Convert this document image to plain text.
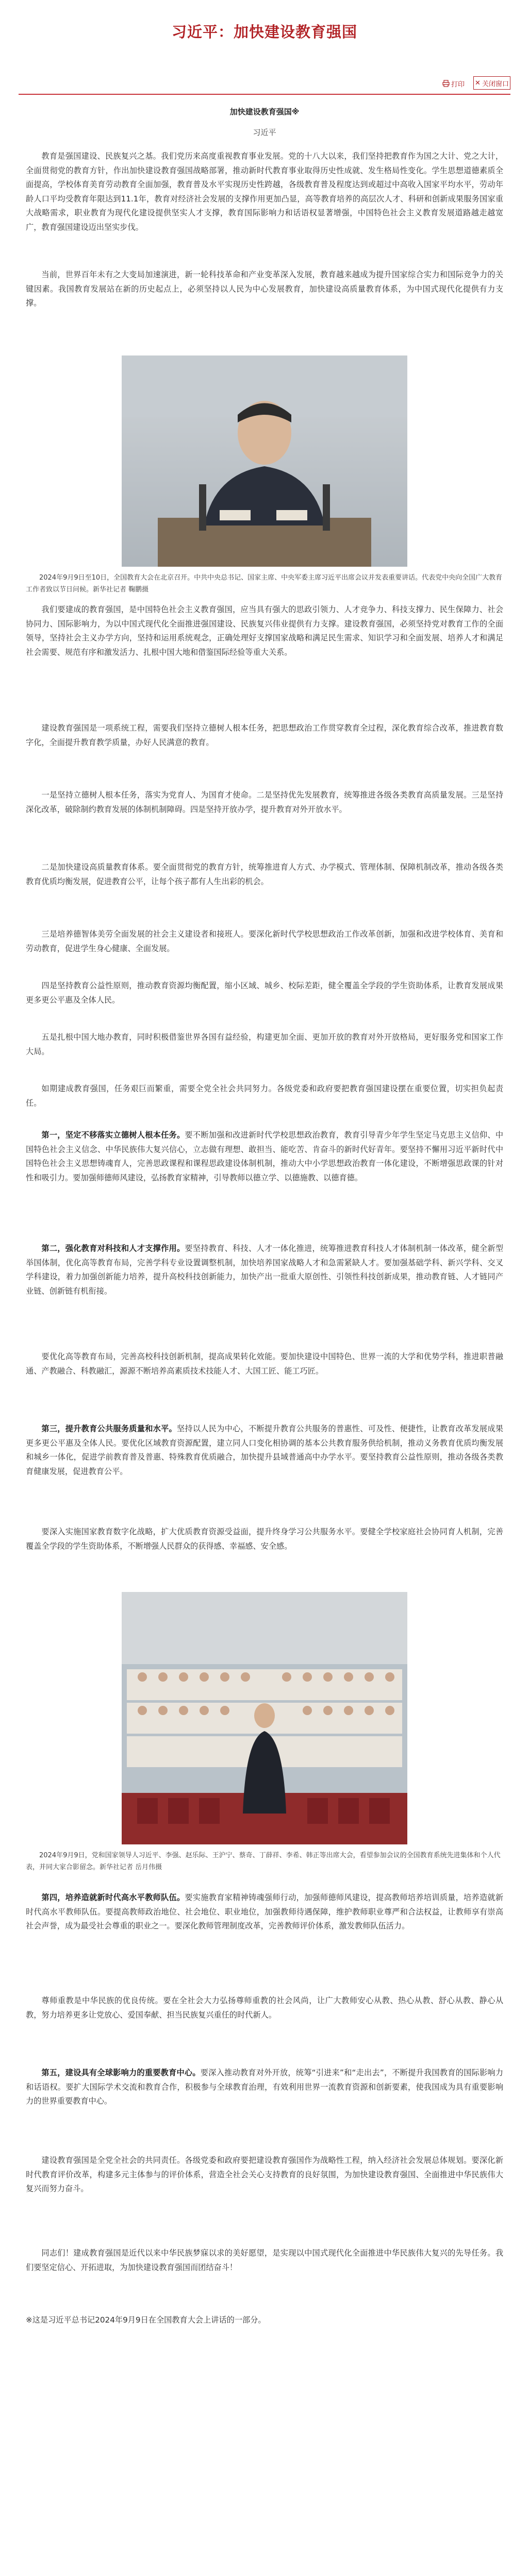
习近平：加快建设教育强国
打印 ✕ 关闭窗口
加快建设教育强国※
习近平

教育是强国建设、民族复兴之基。我们党历来高度重视教育事业发展。党的十八大以来，我们坚持把教育作为国之大计、党之大计，全面贯彻党的教育方针，作出加快建设教育强国战略部署，推动新时代教育事业取得历史性成就、发生格局性变化。学生思想道德素质全面提高，学校体育美育劳动教育全面加强，教育普及水平实现历史性跨越，各级教育普及程度达到或超过中高收入国家平均水平，劳动年龄人口平均受教育年限达到11.1年，教育对经济社会发展的支撑作用更加凸显，高等教育培养的高层次人才、科研和创新成果服务国家重大战略需求，职业教育为现代化建设提供坚实人才支撑，教育国际影响力和话语权显著增强，中国特色社会主义教育发展道路越走越宽广，教育强国建设迈出坚实步伐。

当前，世界百年未有之大变局加速演进，新一轮科技革命和产业变革深入发展，教育越来越成为提升国家综合实力和国际竞争力的关键因素。我国教育发展站在新的历史起点上，必须坚持以人民为中心发展教育，加快建设高质量教育体系，为中国式现代化提供有力支撑。

2024年9月9日至10日，全国教育大会在北京召开。中共中央总书记、国家主席、中央军委主席习近平出席会议并发表重要讲话。代表党中央向全国广大教育工作者致以节日问候。新华社记者 鞠鹏摄

我们要建成的教育强国，是中国特色社会主义教育强国，应当具有强大的思政引领力、人才竞争力、科技支撑力、民生保障力、社会协同力、国际影响力，为以中国式现代化全面推进强国建设、民族复兴伟业提供有力支撑。建设教育强国，必须坚持党对教育工作的全面领导，坚持社会主义办学方向，坚持和运用系统观念，正确处理好支撑国家战略和满足民生需求、知识学习和全面发展、培养人才和满足社会需要、规范有序和激发活力、扎根中国大地和借鉴国际经验等重大关系。

建设教育强国是一项系统工程，需要我们坚持立德树人根本任务，把思想政治工作贯穿教育全过程，深化教育综合改革，推进教育数字化，全面提升教育教学质量，办好人民满意的教育。

一是坚持立德树人根本任务，落实为党育人、为国育才使命。二是坚持优先发展教育，统筹推进各级各类教育高质量发展。三是坚持深化改革，破除制约教育发展的体制机制障碍。四是坚持开放办学，提升教育对外开放水平。

二是加快建设高质量教育体系。要全面贯彻党的教育方针，统筹推进育人方式、办学模式、管理体制、保障机制改革，推动各级各类教育优质均衡发展，促进教育公平，让每个孩子都有人生出彩的机会。

三是培养德智体美劳全面发展的社会主义建设者和接班人。要深化新时代学校思想政治工作改革创新，加强和改进学校体育、美育和劳动教育，促进学生身心健康、全面发展。

四是坚持教育公益性原则，推动教育资源均衡配置，缩小区域、城乡、校际差距，健全覆盖全学段的学生资助体系，让教育发展成果更多更公平惠及全体人民。

五是扎根中国大地办教育，同时积极借鉴世界各国有益经验，构建更加全面、更加开放的教育对外开放格局，更好服务党和国家工作大局。

如期建成教育强国，任务艰巨而繁重，需要全党全社会共同努力。各级党委和政府要把教育强国建设摆在重要位置，切实担负起责任。

第一，坚定不移落实立德树人根本任务。要不断加强和改进新时代学校思想政治教育，教育引导青少年学生坚定马克思主义信仰、中国特色社会主义信念、中华民族伟大复兴信心，立志做有理想、敢担当、能吃苦、肯奋斗的新时代好青年。要坚持不懈用习近平新时代中国特色社会主义思想铸魂育人，完善思政课程和课程思政建设体制机制，推动大中小学思想政治教育一体化建设，不断增强思政课的针对性和吸引力。要加强师德师风建设，弘扬教育家精神，引导教师以德立学、以德施教、以德育德。

第二，强化教育对科技和人才支撑作用。要坚持教育、科技、人才一体化推进，统筹推进教育科技人才体制机制一体改革，健全新型举国体制，优化高等教育布局，完善学科专业设置调整机制，加快培养国家战略人才和急需紧缺人才。要加强基础学科、新兴学科、交叉学科建设，着力加强创新能力培养，提升高校科技创新能力，加快产出一批重大原创性、引领性科技创新成果，推动教育链、人才链同产业链、创新链有机衔接。

要优化高等教育布局，完善高校科技创新机制，提高成果转化效能。要加快建设中国特色、世界一流的大学和优势学科，推进职普融通、产教融合、科教融汇，源源不断培养高素质技术技能人才、大国工匠、能工巧匠。

第三，提升教育公共服务质量和水平。坚持以人民为中心，不断提升教育公共服务的普惠性、可及性、便捷性，让教育改革发展成果更多更公平惠及全体人民。要优化区域教育资源配置，建立同人口变化相协调的基本公共教育服务供给机制，推动义务教育优质均衡发展和城乡一体化，促进学前教育普及普惠、特殊教育优质融合，加快提升县域普通高中办学水平。要坚持教育公益性原则，推动各级各类教育健康发展，促进教育公平。

要深入实施国家教育数字化战略，扩大优质教育资源受益面，提升终身学习公共服务水平。要健全学校家庭社会协同育人机制，完善覆盖全学段的学生资助体系，不断增强人民群众的获得感、幸福感、安全感。

2024年9月9日，党和国家领导人习近平、李强、赵乐际、王沪宁、蔡奇、丁薛祥、李希、韩正等出席大会，看望参加会议的全国教育系统先进集体和个人代表，并同大家合影留念。新华社记者 岳月伟摄

第四，培养造就新时代高水平教师队伍。要实施教育家精神铸魂强师行动，加强师德师风建设，提高教师培养培训质量，培养造就新时代高水平教师队伍。要提高教师政治地位、社会地位、职业地位，加强教师待遇保障，维护教师职业尊严和合法权益，让教师享有崇高社会声誉，成为最受社会尊重的职业之一。要深化教师管理制度改革，完善教师评价体系，激发教师队伍活力。

尊师重教是中华民族的优良传统。要在全社会大力弘扬尊师重教的社会风尚，让广大教师安心从教、热心从教、舒心从教、静心从教，努力培养更多让党放心、爱国奉献、担当民族复兴重任的时代新人。

第五，建设具有全球影响力的重要教育中心。要深入推动教育对外开放，统筹“引进来”和“走出去”，不断提升我国教育的国际影响力和话语权。要扩大国际学术交流和教育合作，积极参与全球教育治理，有效利用世界一流教育资源和创新要素，使我国成为具有重要影响力的世界重要教育中心。

建设教育强国是全党全社会的共同责任。各级党委和政府要把建设教育强国作为战略性工程，纳入经济社会发展总体规划。要深化新时代教育评价改革，构建多元主体参与的评价体系，营造全社会关心支持教育的良好氛围，为加快建设教育强国、全面推进中华民族伟大复兴而努力奋斗。

同志们！建成教育强国是近代以来中华民族梦寐以求的美好愿望，是实现以中国式现代化全面推进中华民族伟大复兴的先导任务。我们要坚定信心、开拓进取，为加快建设教育强国而团结奋斗！

※这是习近平总书记2024年9月9日在全国教育大会上讲话的一部分。
